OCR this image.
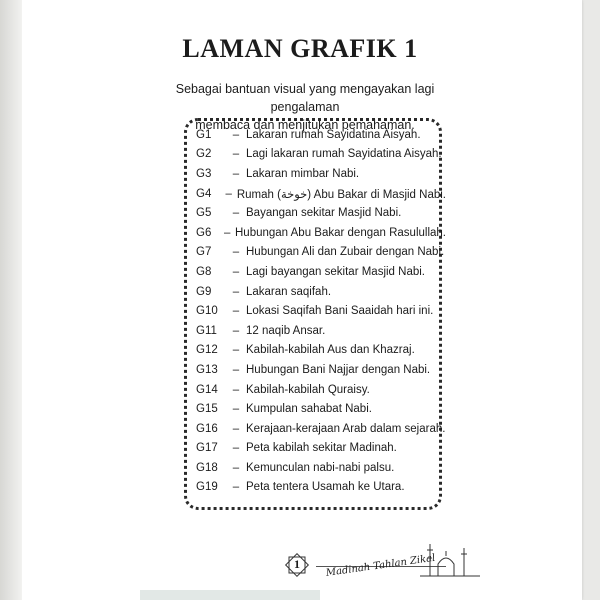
LAMAN GRAFIK 1
Sebagai bantuan visual yang mengayakan lagi pengalaman
membaca dan menjitukan pemahaman.
G1	– Lakaran rumah Sayidatina Aisyah.
G2	– Lagi lakaran rumah Sayidatina Aisyah.
G3	– Lakaran mimbar Nabi.
G4	– Rumah (خوخة) Abu Bakar di Masjid Nabi.
G5	– Bayangan sekitar Masjid Nabi.
G6	– Hubungan Abu Bakar dengan Rasulullah.
G7	– Hubungan Ali dan Zubair dengan Nabi.
G8	– Lagi bayangan sekitar Masjid Nabi.
G9	– Lakaran saqifah.
G10	– Lokasi Saqifah Bani Saaidah hari ini.
G11	– 12 naqib Ansar.
G12	– Kabilah-kabilah Aus dan Khazraj.
G13	– Hubungan Bani Najjar dengan Nabi.
G14	– Kabilah-kabilah Quraisy.
G15	– Kumpulan sahabat Nabi.
G16	– Kerajaan-kerajaan Arab dalam sejarah.
G17	– Peta kabilah sekitar Madinah.
G18	– Kemunculan nabi-nabi palsu.
G19	– Peta tentera Usamah ke Utara.
1	Madinah Tahlan Zikal
